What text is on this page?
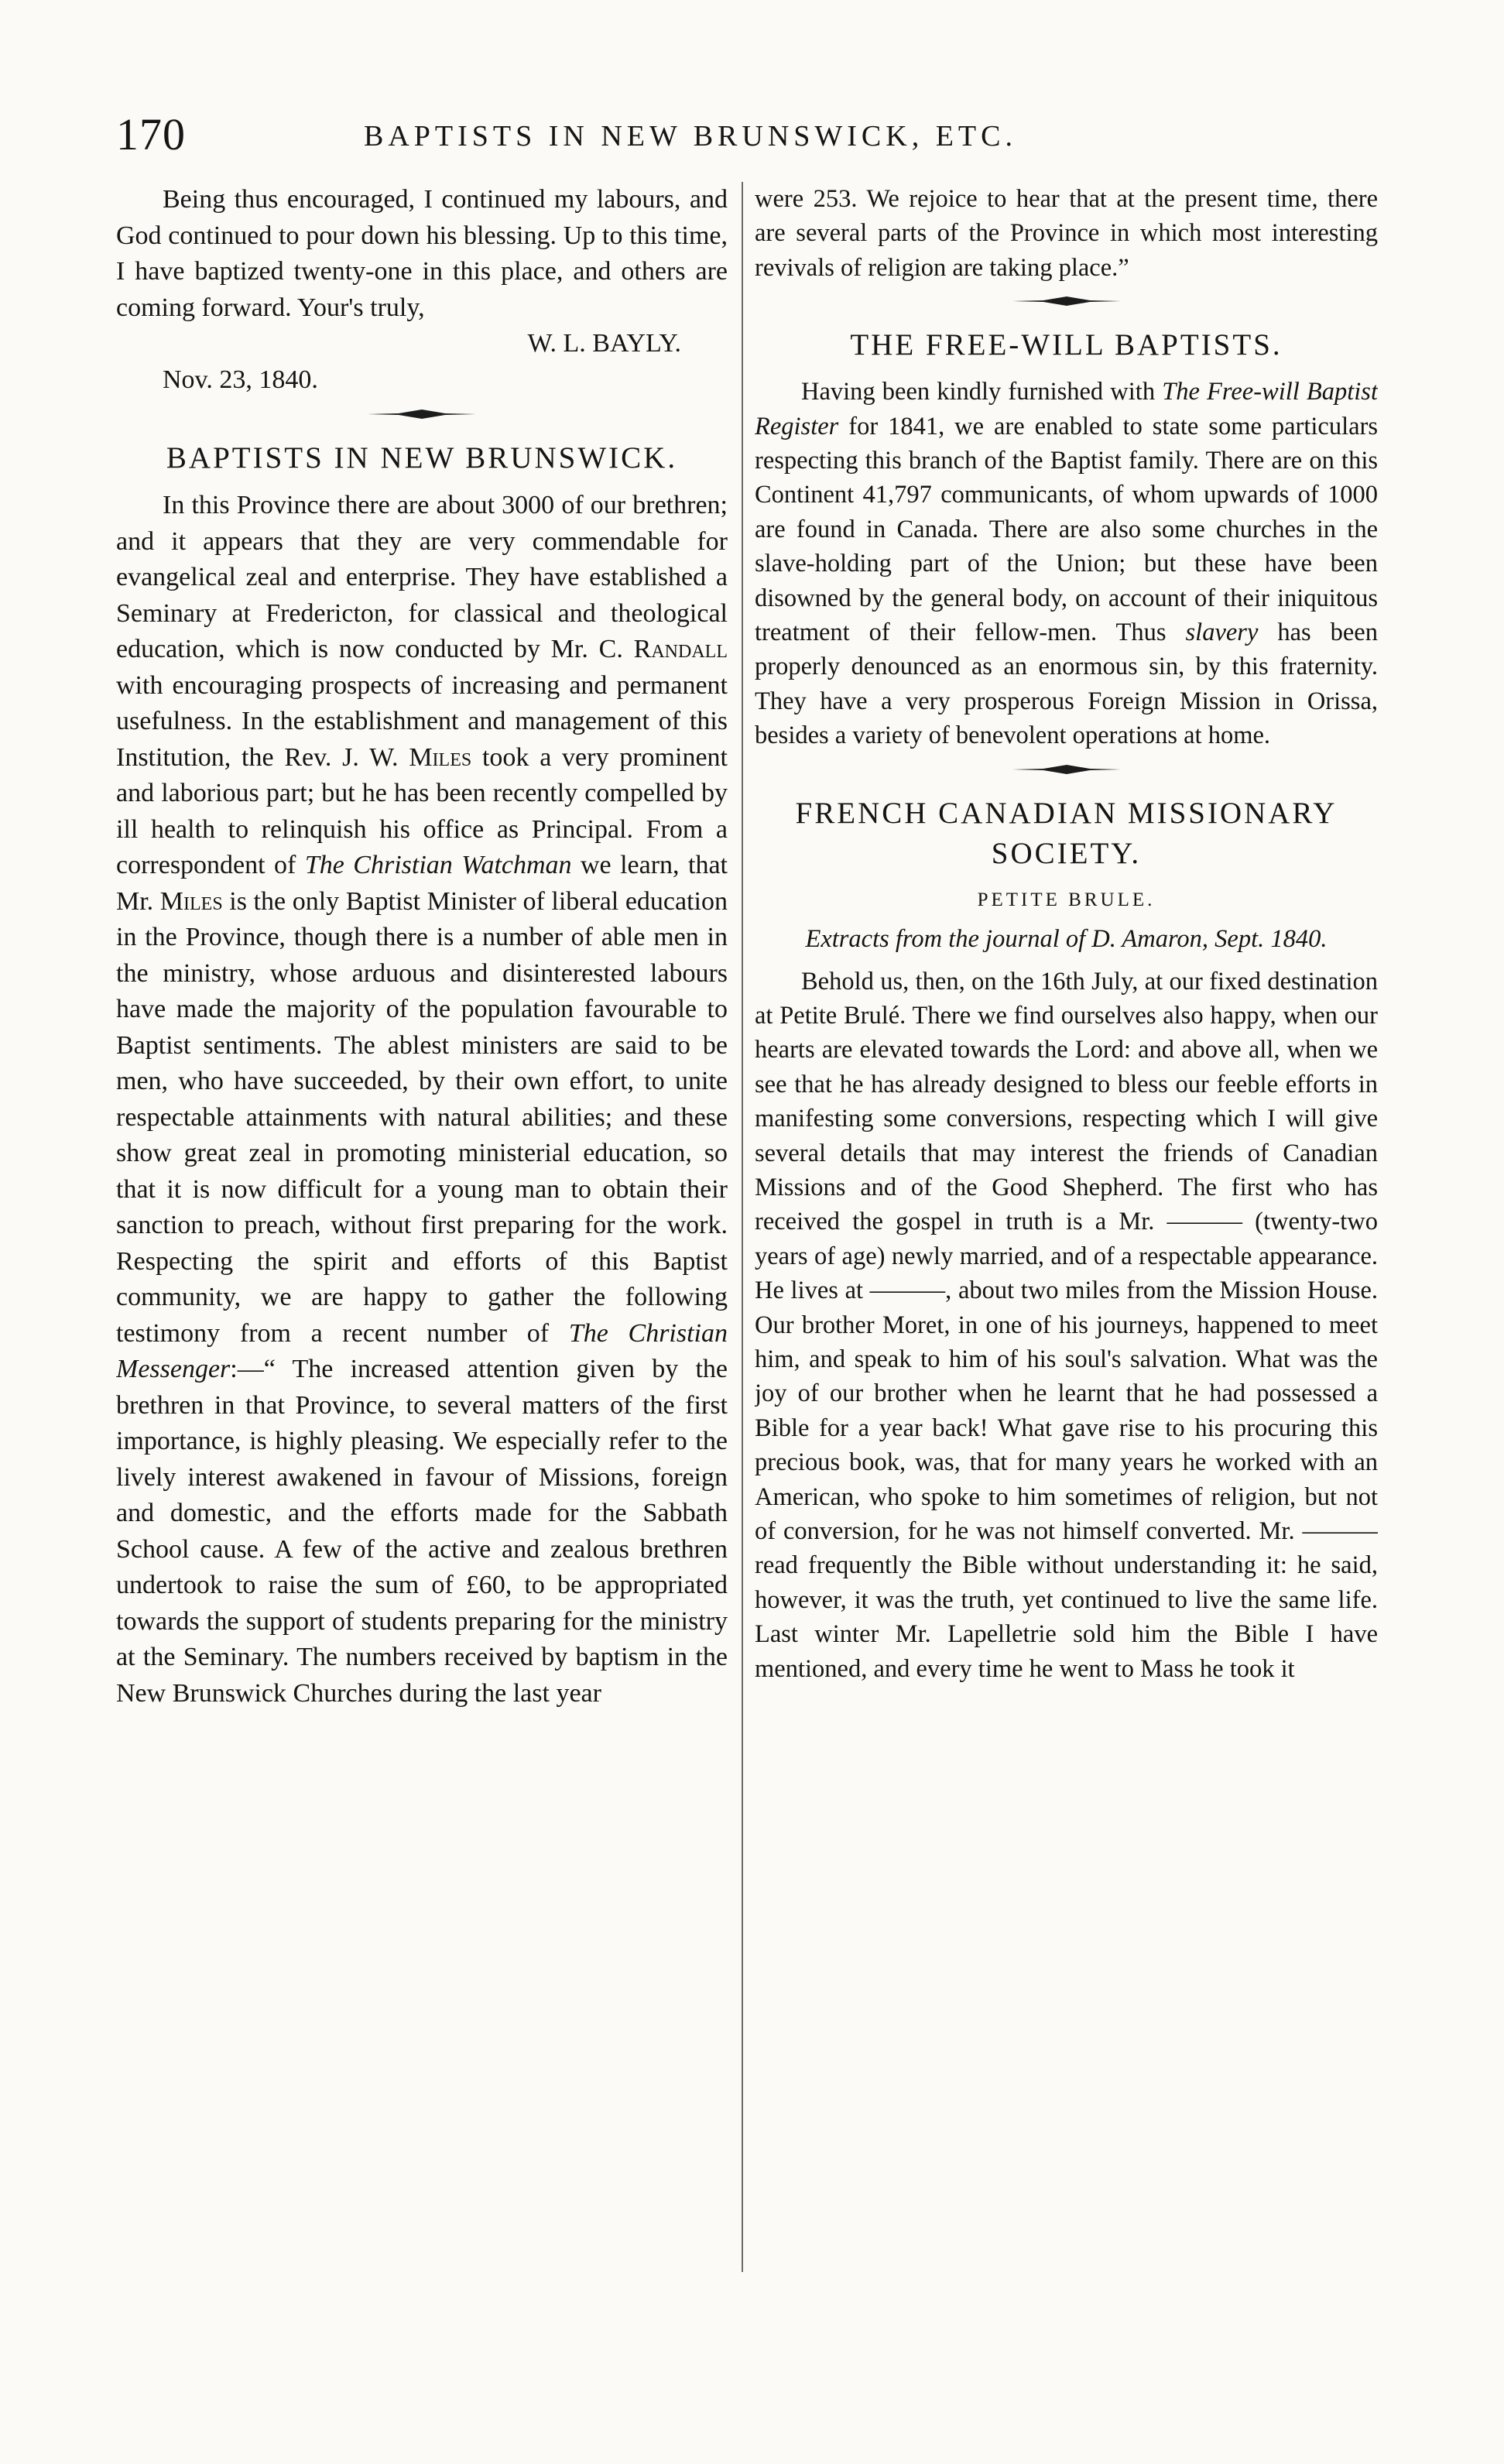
170	BAPTISTS IN NEW BRUNSWICK, ETC.

Being thus encouraged, I continued my labours, and God continued to pour down his blessing. Up to this time, I have baptized twenty-one in this place, and others are coming forward. Your's truly,

W. L. BAYLY.

Nov. 23, 1840.

BAPTISTS IN NEW BRUNSWICK.

In this Province there are about 3000 of our brethren; and it appears that they are very commendable for evangelical zeal and enterprise. They have established a Seminary at Fredericton, for classical and theological education, which is now conducted by Mr. C. Randall with encouraging prospects of increasing and permanent usefulness. In the establishment and management of this Institution, the Rev. J. W. Miles took a very prominent and laborious part; but he has been recently compelled by ill health to relinquish his office as Principal. From a correspondent of The Christian Watchman we learn, that Mr. Miles is the only Baptist Minister of liberal education in the Province, though there is a number of able men in the ministry, whose arduous and disinterested labours have made the majority of the population favourable to Baptist sentiments. The ablest ministers are said to be men, who have succeeded, by their own effort, to unite respectable attainments with natural abilities; and these show great zeal in promoting ministerial education, so that it is now difficult for a young man to obtain their sanction to preach, without first preparing for the work. Respecting the spirit and efforts of this Baptist community, we are happy to gather the following testimony from a recent number of The Christian Messenger:—“ The increased attention given by the brethren in that Province, to several matters of the first importance, is highly pleasing. We especially refer to the lively interest awakened in favour of Missions, foreign and domestic, and the efforts made for the Sabbath School cause. A few of the active and zealous brethren undertook to raise the sum of £60, to be appropriated towards the support of students preparing for the ministry at the Seminary. The numbers received by baptism in the New Brunswick Churches during the last year

were 253. We rejoice to hear that at the present time, there are several parts of the Province in which most interesting revivals of religion are taking place.”

THE FREE-WILL BAPTISTS.

Having been kindly furnished with The Free-will Baptist Register for 1841, we are enabled to state some particulars respecting this branch of the Baptist family. There are on this Continent 41,797 communicants, of whom upwards of 1000 are found in Canada. There are also some churches in the slave-holding part of the Union; but these have been disowned by the general body, on account of their iniquitous treatment of their fellow-men. Thus slavery has been properly denounced as an enormous sin, by this fraternity. They have a very prosperous Foreign Mission in Orissa, besides a variety of benevolent operations at home.

FRENCH CANADIAN MISSIONARY SOCIETY.
PETITE BRULE.

Extracts from the journal of D. Amaron, Sept. 1840.

Behold us, then, on the 16th July, at our fixed destination at Petite Brulé. There we find ourselves also happy, when our hearts are elevated towards the Lord: and above all, when we see that he has already designed to bless our feeble efforts in manifesting some conversions, respecting which I will give several details that may interest the friends of Canadian Missions and of the Good Shepherd. The first who has received the gospel in truth is a Mr. ——— (twenty-two years of age) newly married, and of a respectable appearance. He lives at ———, about two miles from the Mission House. Our brother Moret, in one of his journeys, happened to meet him, and speak to him of his soul's salvation. What was the joy of our brother when he learnt that he had possessed a Bible for a year back! What gave rise to his procuring this precious book, was, that for many years he worked with an American, who spoke to him sometimes of religion, but not of conversion, for he was not himself converted. Mr. ——— read frequently the Bible without understanding it: he said, however, it was the truth, yet continued to live the same life. Last winter Mr. Lapelletrie sold him the Bible I have mentioned, and every time he went to Mass he took it
